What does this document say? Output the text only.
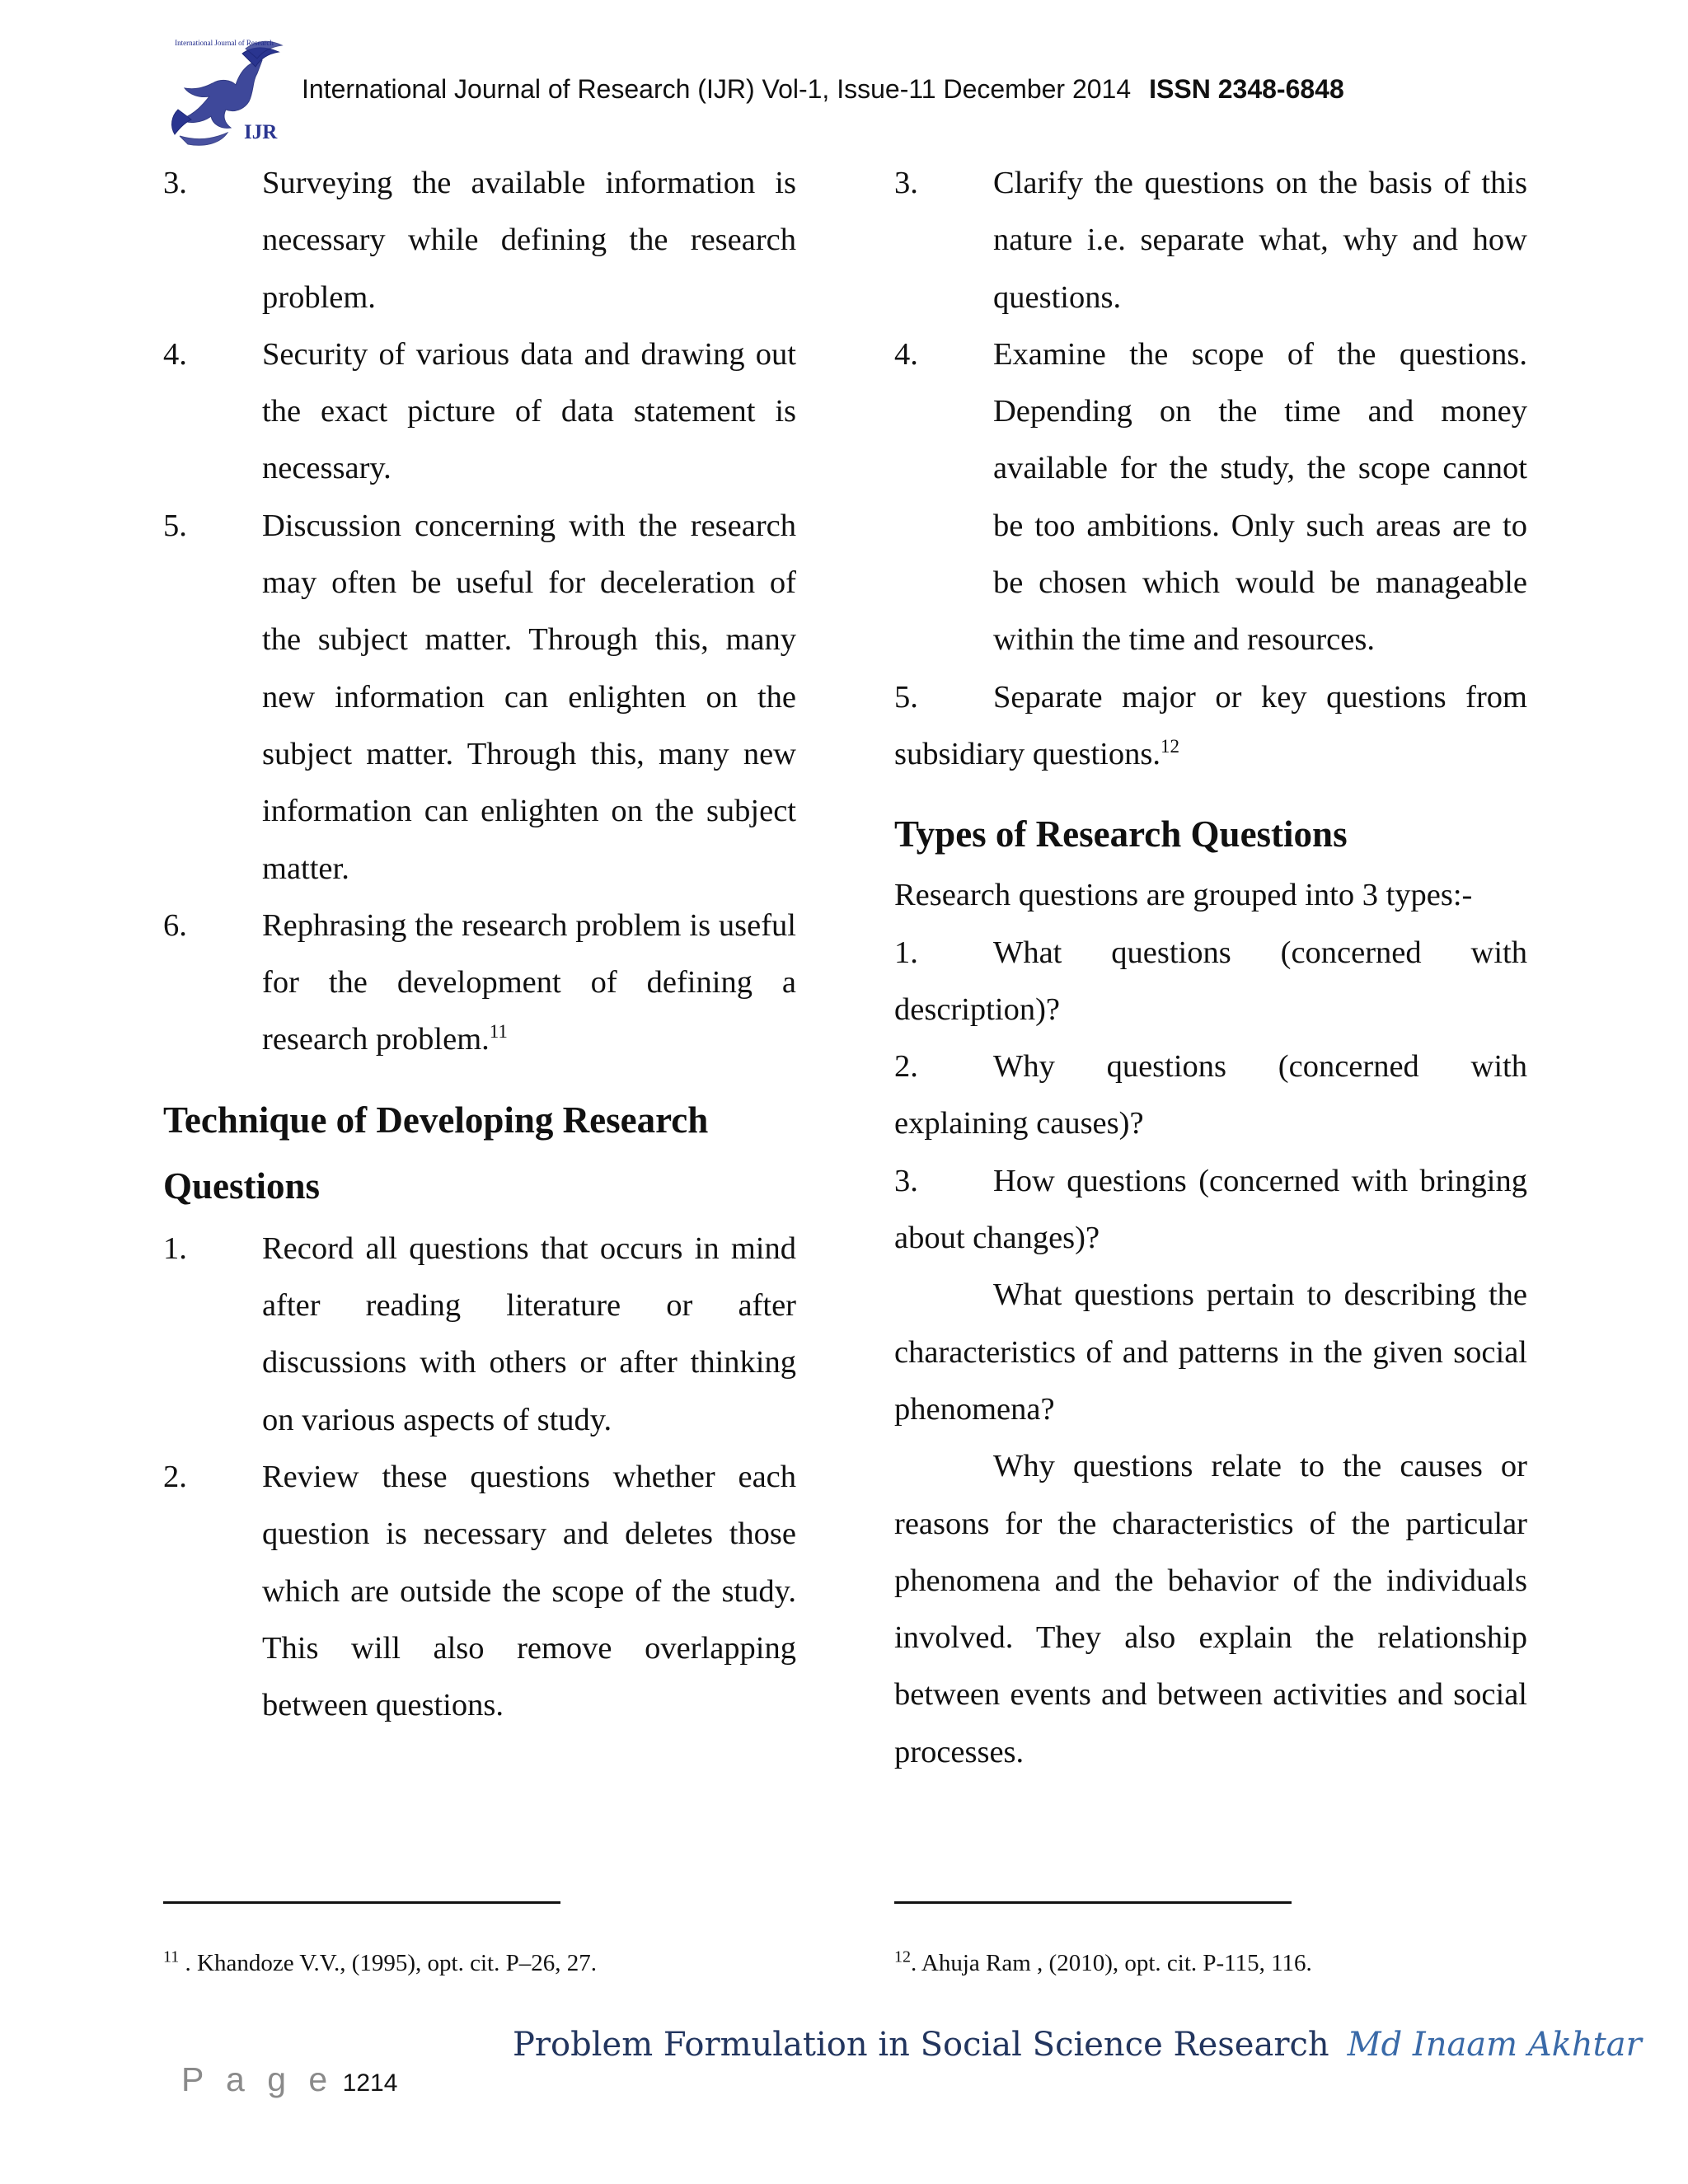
International Journal of Research
IJR
International Journal of Research (IJR) Vol-1, Issue-11 December 2014 ISSN 2348-6848
3. Surveying the available information is necessary while defining the research problem.
4. Security of various data and drawing out the exact picture of data statement is necessary.
5. Discussion concerning with the research may often be useful for deceleration of the subject matter. Through this, many new information can enlighten on the subject matter. Through this, many new information can enlighten on the subject matter.
6. Rephrasing the research problem is useful for the development of defining a research problem.$^{11}$
Technique of Developing Research Questions
1. Record all questions that occurs in mind after reading literature or after discussions with others or after thinking on various aspects of study.
2. Review these questions whether each question is necessary and deletes those which are outside the scope of the study. This will also remove overlapping between questions.
3. Clarify the questions on the basis of this nature i.e. separate what, why and how questions.
4. Examine the scope of the questions. Depending on the time and money available for the study, the scope cannot be too ambitions. Only such areas are to be chosen which would be manageable within the time and resources.
5. Separate major or key questions from subsidiary questions.$^{12}$
Types of Research Questions
Research questions are grouped into 3 types:-
1. What questions (concerned with description)?
2. Why questions (concerned with explaining causes)?
3. How questions (concerned with bringing about changes)?
What questions pertain to describing the characteristics of and patterns in the given social phenomena?
Why questions relate to the causes or reasons for the characteristics of the particular phenomena and the behavior of the individuals involved. They also explain the relationship between events and between activities and social processes.
$^{11}$ . Khandoze V.V., (1995), opt. cit. P–26, 27.	$^{12}$. Ahuja Ram , (2010), opt. cit. P-115, 116.
Problem Formulation in Social Science Research Md Inaam Akhtar
P a g e 1214
